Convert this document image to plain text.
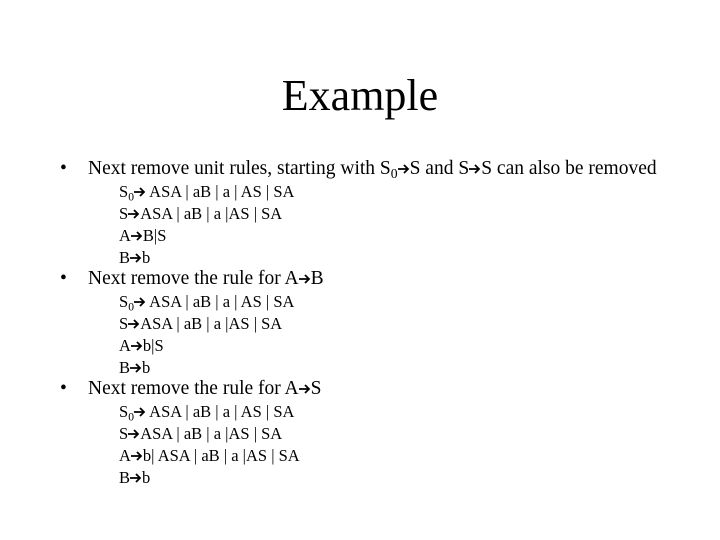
Example
• Next remove unit rules, starting with $S_0$ S and S S can also be removed
$S_0$
ASA | aB | a | AS | SA
S ASA | aB | a |AS | SA
A B|S
B b
• Next remove the rule for A B
$S_0$
ASA | aB | a | AS | SA
S ASA | aB | a |AS | SA
A b|S
B b
• Next remove the rule for A S
$S_0$
ASA | aB | a | AS | SA
S ASA | aB | a |AS | SA
A b| ASA | aB | a |AS | SA
B b
